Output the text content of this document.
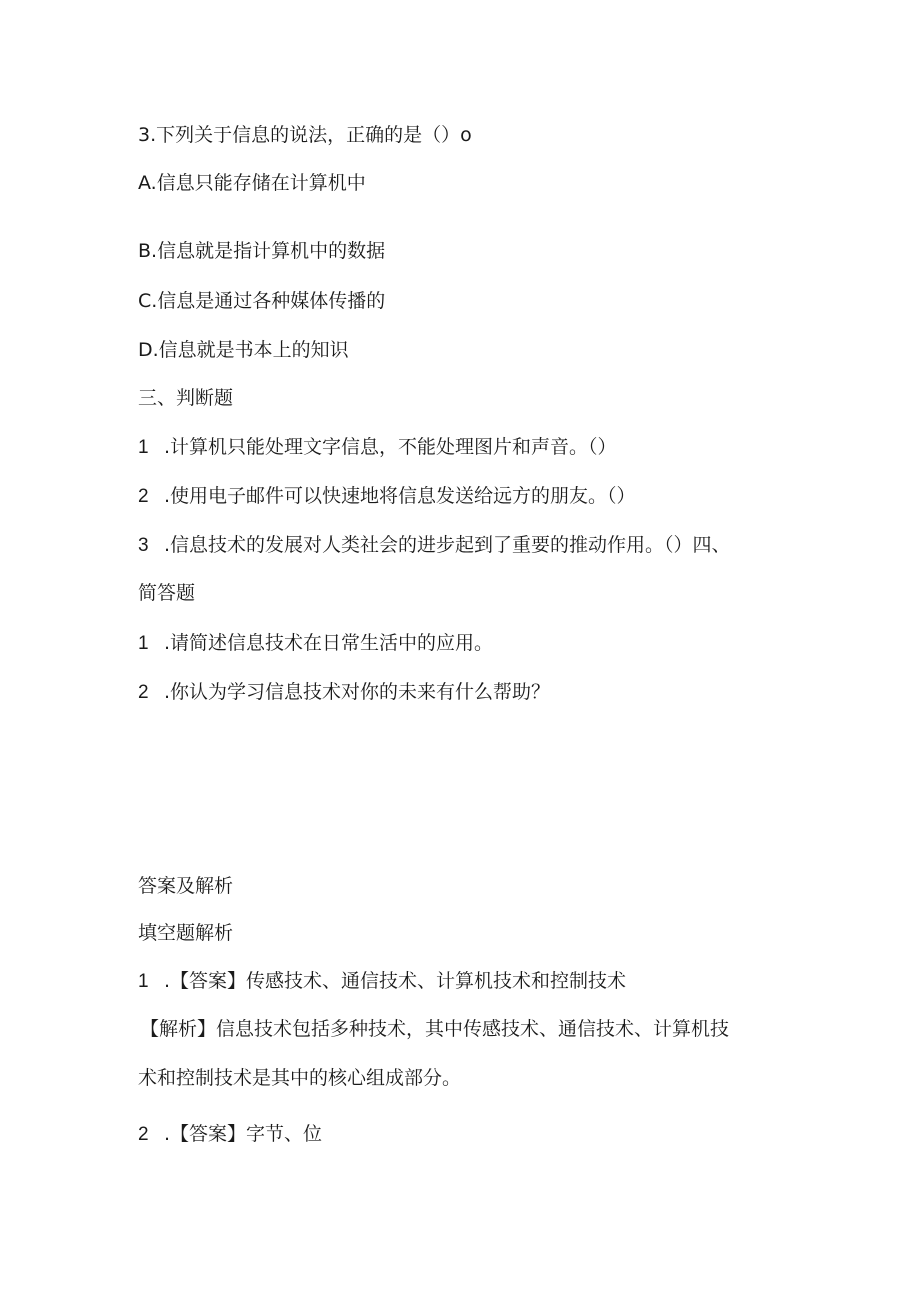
3.下列关于信息的说法，正确的是（）o
A.信息只能存储在计算机中
B.信息就是指计算机中的数据
C.信息是通过各种媒体传播的
D.信息就是书本上的知识
三、判断题
1 .计算机只能处理文字信息，不能处理图片和声音。（）
2 .使用电子邮件可以快速地将信息发送给远方的朋友。（）
3 .信息技术的发展对人类社会的进步起到了重要的推动作用。（）四、
简答题
1 .请简述信息技术在日常生活中的应用。
2 .你认为学习信息技术对你的未来有什么帮助？
答案及解析
填空题解析
1 .【答案】传感技术、通信技术、计算机技术和控制技术
【解析】信息技术包括多种技术，其中传感技术、通信技术、计算机技
术和控制技术是其中的核心组成部分。
2 .【答案】字节、位
